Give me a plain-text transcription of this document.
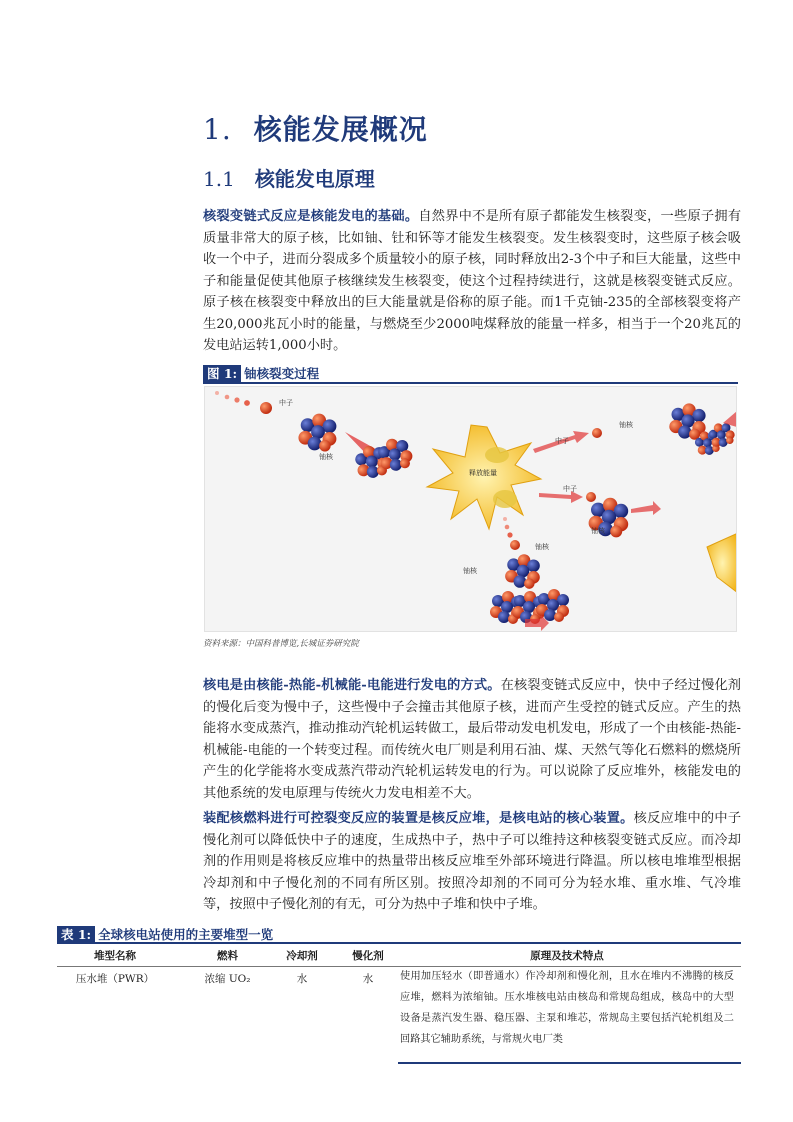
1. 核能发展概况
1.1 核能发电原理

核裂变链式反应是核能发电的基础。自然界中不是所有原子都能发生核裂变，一些原子拥有质量非常大的原子核，比如铀、钍和钚等才能发生核裂变。发生核裂变时，这些原子核会吸收一个中子，进而分裂成多个质量较小的原子核，同时释放出2-3个中子和巨大能量，这些中子和能量促使其他原子核继续发生核裂变，使这个过程持续进行，这就是核裂变链式反应。原子核在核裂变中释放出的巨大能量就是俗称的原子能。而1千克铀-235的全部核裂变将产生20,000兆瓦小时的能量，与燃烧至少2000吨煤释放的能量一样多，相当于一个20兆瓦的发电站运转1,000小时。

图 1: 铀核裂变过程
中子
铀核
释放能量
中子
铀核
中子
铀核
铀核
铀核
资料来源：中国科普博览,长城证券研究院

核电是由核能-热能-机械能-电能进行发电的方式。在核裂变链式反应中，快中子经过慢化剂的慢化后变为慢中子，这些慢中子会撞击其他原子核，进而产生受控的链式反应。产生的热能将水变成蒸汽，推动推动汽轮机运转做工，最后带动发电机发电，形成了一个由核能-热能-机械能-电能的一个转变过程。而传统火电厂则是利用石油、煤、天然气等化石燃料的燃烧所产生的化学能将水变成蒸汽带动汽轮机运转发电的行为。可以说除了反应堆外，核能发电的其他系统的发电原理与传统火力发电相差不大。

装配核燃料进行可控裂变反应的装置是核反应堆，是核电站的核心装置。核反应堆中的中子慢化剂可以降低快中子的速度，生成热中子，热中子可以维持这种核裂变链式反应。而冷却剂的作用则是将核反应堆中的热量带出核反应堆至外部环境进行降温。所以核电堆堆型根据冷却剂和中子慢化剂的不同有所区别。按照冷却剂的不同可分为轻水堆、重水堆、气冷堆等，按照中子慢化剂的有无，可分为热中子堆和快中子堆。

表 1: 全球核电站使用的主要堆型一览
堆型名称	燃料	冷却剂	慢化剂	原理及技术特点
压水堆（PWR）	浓缩 UO₂	水	水	使用加压轻水（即普通水）作冷却剂和慢化剂，且水在堆内不沸腾的核反应堆，燃料为浓缩铀。压水堆核电站由核岛和常规岛组成，核岛中的大型设备是蒸汽发生器、稳压器、主泵和堆芯，常规岛主要包括汽轮机组及二回路其它辅助系统，与常规火电厂类
